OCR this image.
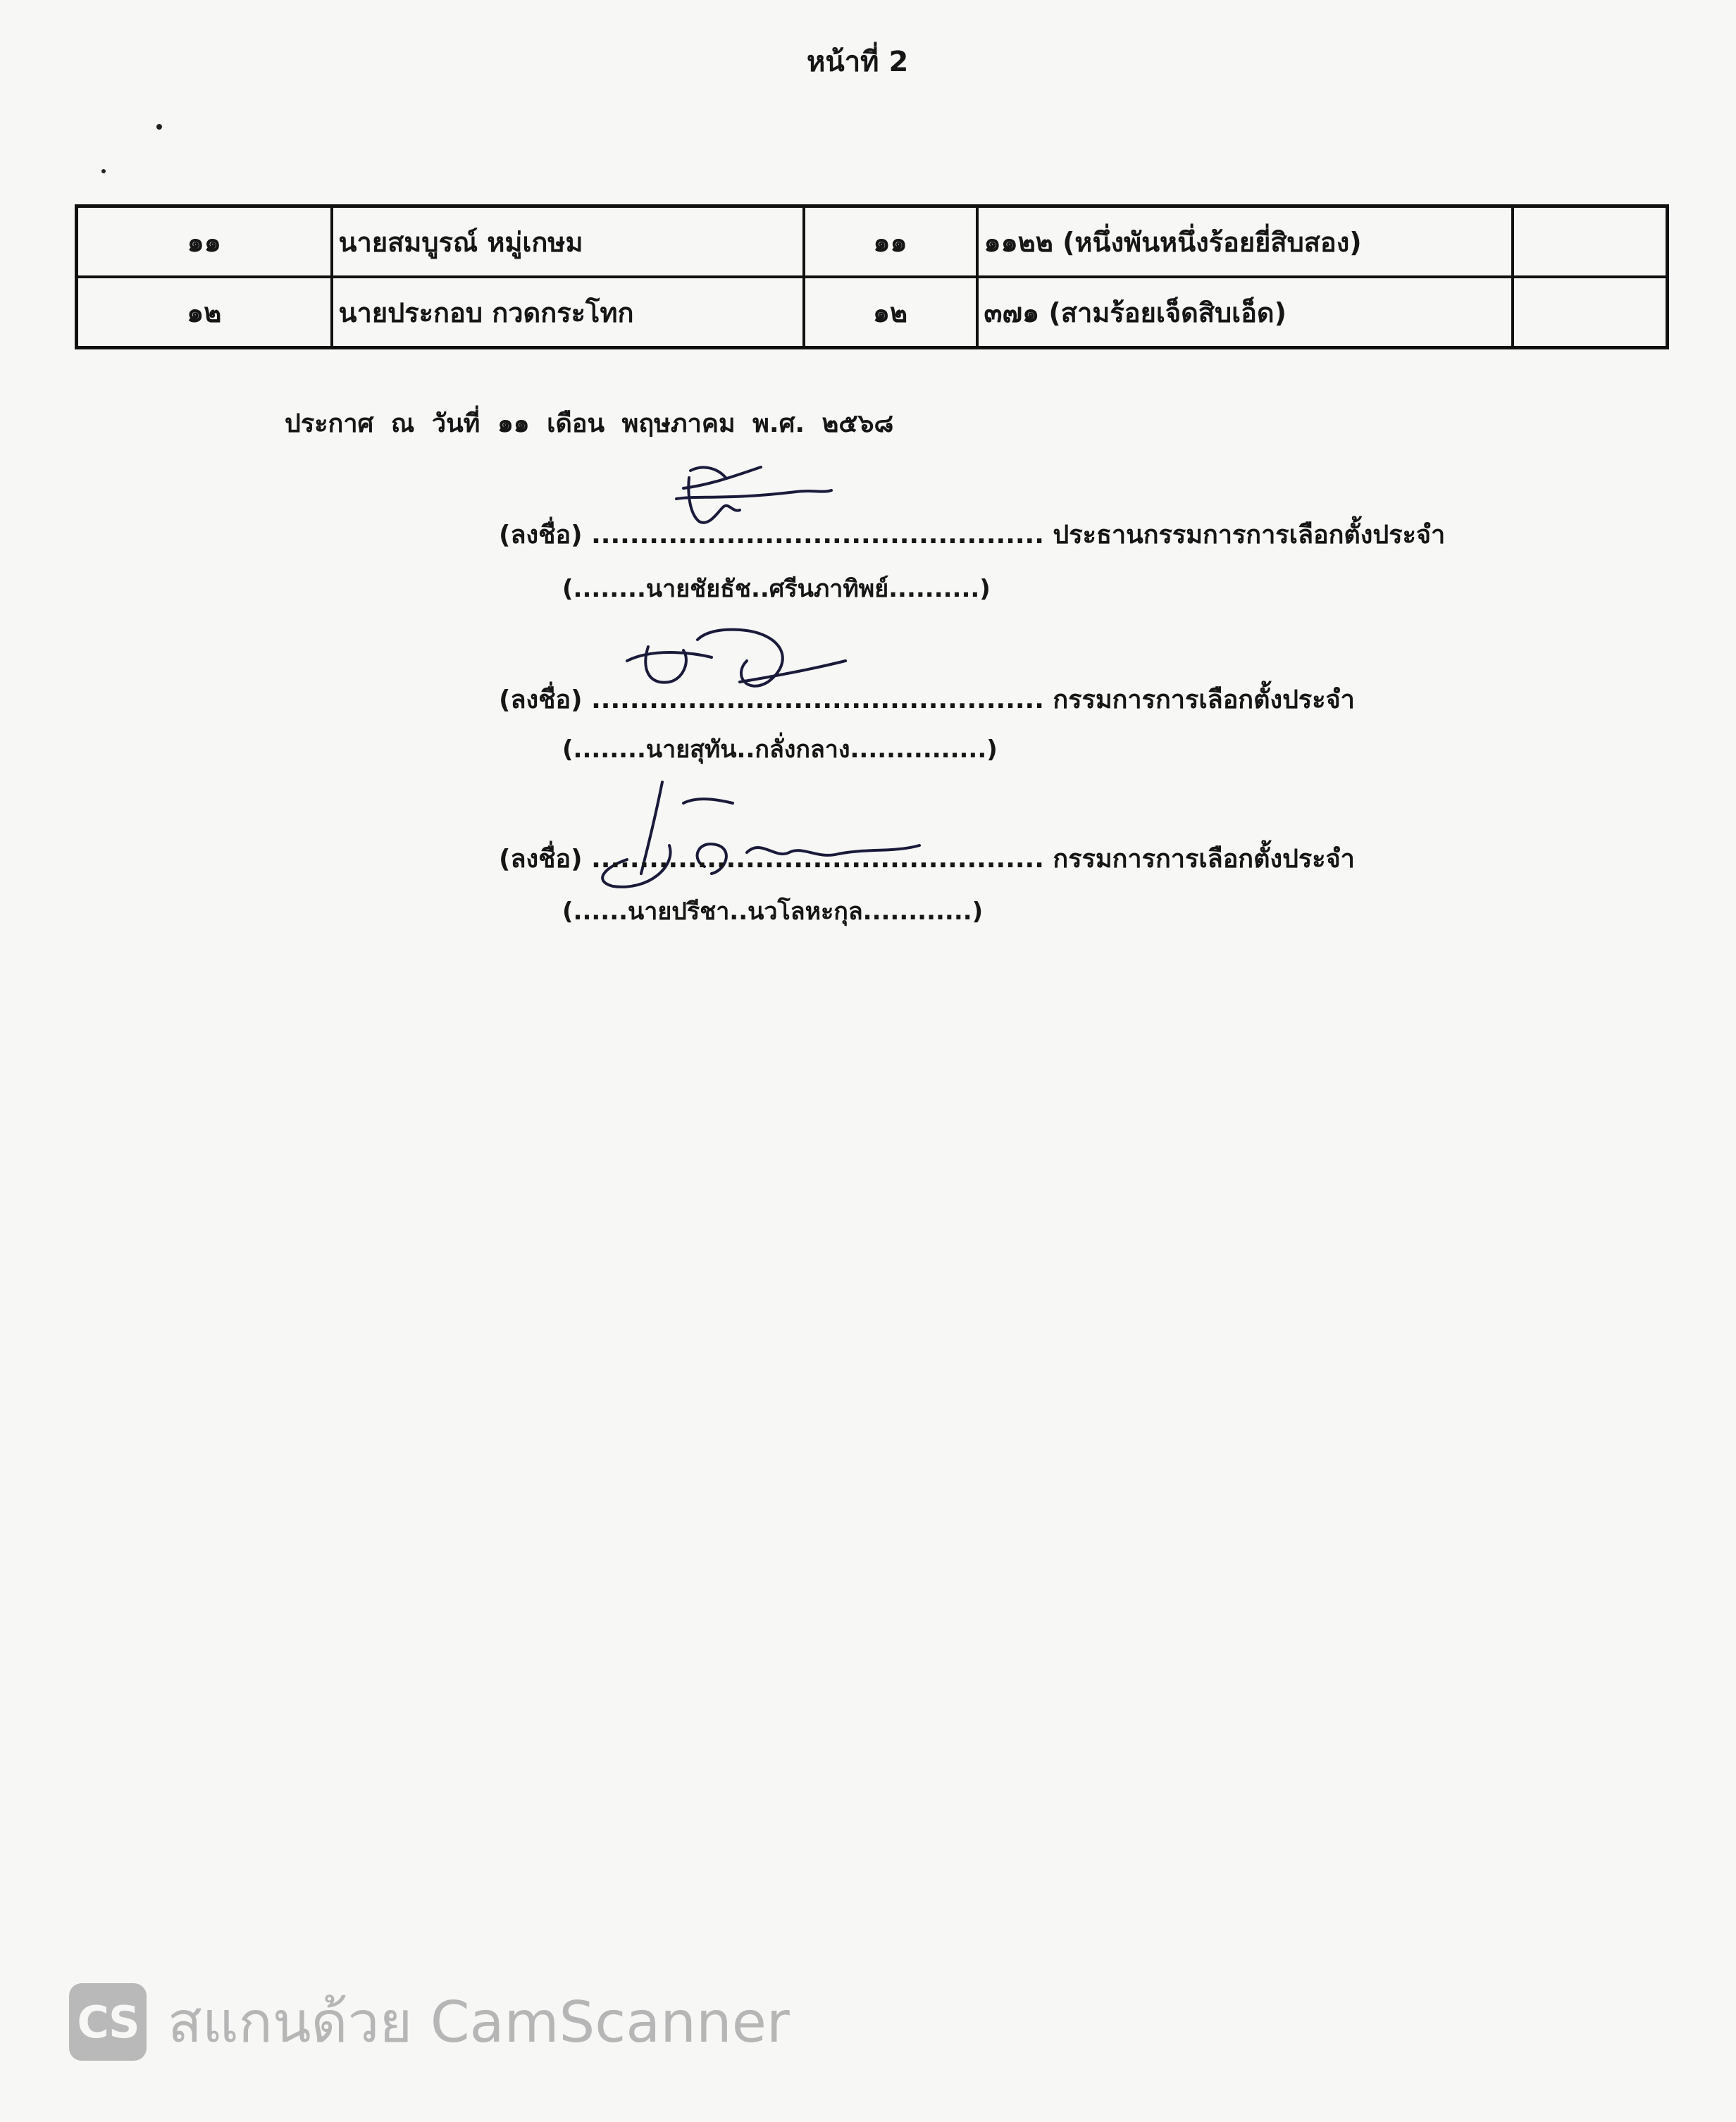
หน้าที่ 2
๑๑	นายสมบูรณ์ หมู่เกษม	๑๑	๑๑๒๒ (หนึ่งพันหนึ่งร้อยยี่สิบสอง)	
๑๒	นายประกอบ กวดกระโทก	๑๒	๓๗๑ (สามร้อยเจ็ดสิบเอ็ด)	
ประกาศ ณ วันที่ ๑๑ เดือน พฤษภาคม พ.ศ. ๒๕๖๘
(ลงชื่อ) ............................................... ประธานกรรมการการเลือกตั้งประจำ
(........นายชัยธัช..ศรีนภาทิพย์..........)
(ลงชื่อ) ............................................... กรรมการการเลือกตั้งประจำ
(........นายสุทัน..กลั่งกลาง...............)
(ลงชื่อ) ............................................... กรรมการการเลือกตั้งประจำ
(......นายปรีชา..นวโลหะกุล............)
CS สแกนด้วย CamScanner
